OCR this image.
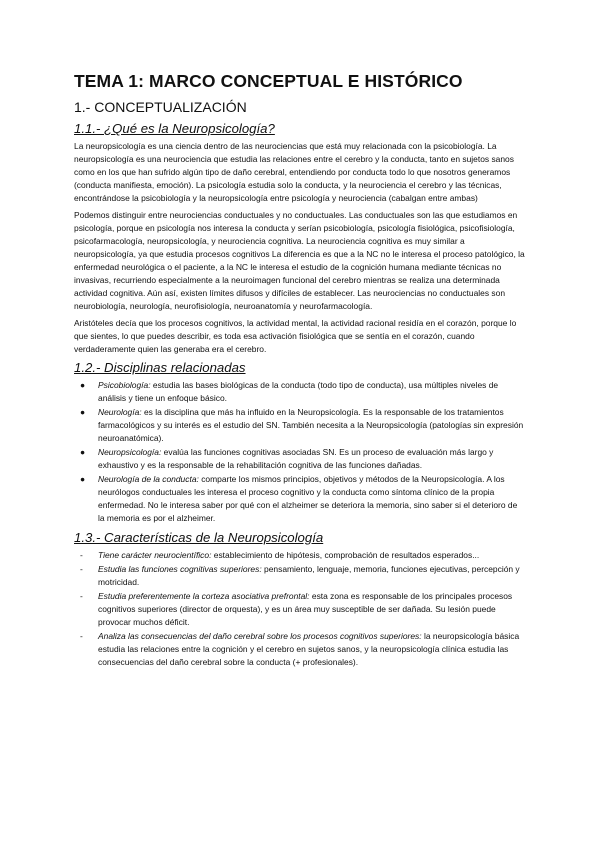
TEMA 1: MARCO CONCEPTUAL E HISTÓRICO
1.- CONCEPTUALIZACIÓN
1.1.- ¿Qué es la Neuropsicología?

La neuropsicología es una ciencia dentro de las neurociencias que está muy relacionada con la psicobiología. La neuropsicología es una neurociencia que estudia las relaciones entre el cerebro y la conducta, tanto en sujetos sanos como en los que han sufrido algún tipo de daño cerebral, entendiendo por conducta todo lo que nosotros generamos (conducta manifiesta, emoción). La psicología estudia solo la conducta, y la neurociencia el cerebro y las técnicas, encontrándose la psicobiología y la neuropsicología entre psicología y neurociencia (cabalgan entre ambas)

Podemos distinguir entre neurociencias conductuales y no conductuales. Las conductuales son las que estudiamos en psicología, porque en psicología nos interesa la conducta y serían psicobiología, psicología fisiológica, psicofisiología, psicofarmacología, neuropsicología, y neurociencia cognitiva. La neurociencia cognitiva es muy similar a neuropsicología, ya que estudia procesos cognitivos La diferencia es que a la NC no le interesa el proceso patológico, la enfermedad neurológica o el paciente, a la NC le interesa el estudio de la cognición humana mediante técnicas no invasivas, recurriendo especialmente a la neuroimagen funcional del cerebro mientras se realiza una determinada actividad cognitiva. Aún así, existen límites difusos y difíciles de establecer. Las neurociencias no conductuales son neurobiología, neurología, neurofisiología, neuroanatomía y neurofarmacología.

Aristóteles decía que los procesos cognitivos, la actividad mental, la actividad racional residía en el corazón, porque lo que sientes, lo que puedes describir, es toda esa activación fisiológica que se sentía en el corazón, cuando verdaderamente quien las generaba era el cerebro.

1.2.- Disciplinas relacionadas
● Psicobiología: estudia las bases biológicas de la conducta (todo tipo de conducta), usa múltiples niveles de análisis y tiene un enfoque básico.
● Neurología: es la disciplina que más ha influido en la Neuropsicología. Es la responsable de los tratamientos farmacológicos y su interés es el estudio del SN. También necesita a la Neuropsicología (patologías sin expresión neuroanatómica).
● Neuropsicología: evalúa las funciones cognitivas asociadas SN. Es un proceso de evaluación más largo y exhaustivo y es la responsable de la rehabilitación cognitiva de las funciones dañadas.
● Neurología de la conducta: comparte los mismos principios, objetivos y métodos de la Neuropsicología. A los neurólogos conductuales les interesa el proceso cognitivo y la conducta como síntoma clínico de la propia enfermedad. No le interesa saber por qué con el alzheimer se deteriora la memoria, sino saber si el deterioro de la memoria es por el alzheimer.
1.3.- Características de la Neuropsicología
- Tiene carácter neurocientífico: establecimiento de hipótesis, comprobación de resultados esperados...
- Estudia las funciones cognitivas superiores: pensamiento, lenguaje, memoria, funciones ejecutivas, percepción y motricidad.
- Estudia preferentemente la corteza asociativa prefrontal: esta zona es responsable de los principales procesos cognitivos superiores (director de orquesta), y es un área muy susceptible de ser dañada. Su lesión puede provocar muchos déficit.
- Analiza las consecuencias del daño cerebral sobre los procesos cognitivos superiores: la neuropsicología básica estudia las relaciones entre la cognición y el cerebro en sujetos sanos, y la neuropsicología clínica estudia las consecuencias del daño cerebral sobre la conducta (+ profesionales).
